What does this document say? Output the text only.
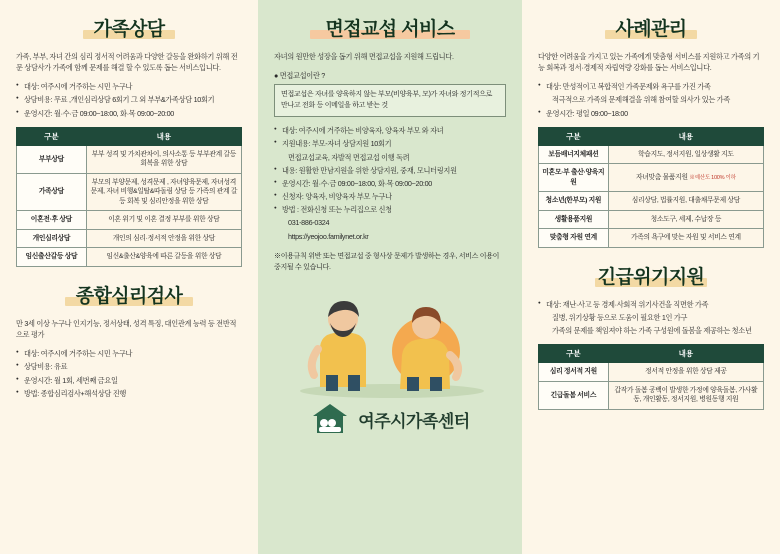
가족상담

가족, 부부, 자녀 간의 심리 정서적 어려움과 다양한 갈등을 완화하기 위해 전문 상담사가 가족에 함께 문제를 해결 할 수 있도록 돕는 서비스입니다.

● 대상: 여주시에 거주하는 시민 누구나
● 상담비용: 무료 ,개인심리상담 6회기 그 외 부부&가족상담 10회기
● 운영시간: 월·수·금 09:00~18:00, 화·목 09:00~20:00
구분	내용
부부상담	부부 성격 및 가치관차이, 의사소통 등 부부관계 갈등 회복을 위한 상담
가족상담	부모의 부양문제, 성격문제 , 자녀양육문제, 자녀성격문제, 자녀 비행&일탈&따돌림 상담 등 가족의 관계 갈등 회복 및 심리안정을 위한 상담
이혼전·후 상담	이혼 위기 및 이혼 결정 부부를 위한 상담
개인심리상담	개인의 심리·정서적 안정을 위한 상담
임신출산갈등 상담	임신&출산&양육에 따른 갈등을 위한 상담
종합심리검사

만 3세 이상 누구나 인지기능, 정서상태, 성격 특징, 대인관계 능력 등 전반적으로 평가

● 대상: 여주시에 거주하는 시민 누구나
● 상담비용: 유료
● 운영시간: 월 1회, 세번째 금요일
● 방법: 종합심리검사+해석상담 진행
면접교섭 서비스

자녀의 원만한 성장을 돕기 위해 면접교섭을 지원해 드립니다.

● 면접교섭이란 ?

면접교섭은 자녀를 양육하지 않는 부모(비양육부, 모)가 자녀와 정기적으로 만나고 전화 등 이메일을 하고 받는 것
● 대상: 여주시에 거주하는 비양육자, 양육자 부모 와 자녀
● 지원내용: 부모-자녀 상담지원 10회기
면접교섭교육, 자발적 면접교섭 이행 독려
● 내용: 원활한 만남지원을 위한 상담지원, 중재, 모니터링지원
● 운영시간: 월·수·금 09:00~18:00, 화·목 09:00~20:00
● 신청자: 양육자, 비양육자 부모 누구나
● 방법 : 전화신청 또는 누리집으로 신청
031-886-0324
https://yeojoo.familynet.or.kr

※이용규칙 위반 또는 면접교섭 중 형사상 문제가 발생하는 경우, 서비스 이용이 중지될 수 있습니다.

여주시가족센터
사례관리

다양한 어려움을 가지고 있는 가족에게 맞춤형 서비스를 지원하고 가족의 기능 회복과 정서·경제적 자립역량 강화를 돕는 서비스입니다.

● 대상: 만성적이고 복합적인 가족문제와 욕구를 가진 가족
적극적으로 가족의 문제해결을 위해 참여할 의사가 있는 가족
● 운영시간: 평일 09:00~18:00
구분	내용
보듬배너지체패션	학습지도, 정서지원, 일상생활 지도
미혼모·부 출산·양육지원	자녀맞춤 물품지원 ※예산도 100% 이하
청소년(한부모) 지원	심리상담, 법률지원, 대출채무문제 상담
생활용품지원	청소도구, 세제, 수납장 등
맞춤형 자원 연계	가족의 욕구에 맞는 자원 및 서비스 연계
긴급위기지원
● 대상: 재난·사고 등 경제·사회적 위기사건을 직면한 가족
질병, 위기상황 등으로 도움이 필요한 1인 가구
가족의 문제를 책임져야 하는 가족 구성원에 돌봄을 제공하는 청소년
구분	내용
심리 정서적 지원	정서적 안정을 위한 상담 제공
긴급돌봄 서비스	갑작가 돌봄 공백이 발생한 가정에 양육돌봄, 가사활동, 개인활동, 정서지원, 병원동행 지원
